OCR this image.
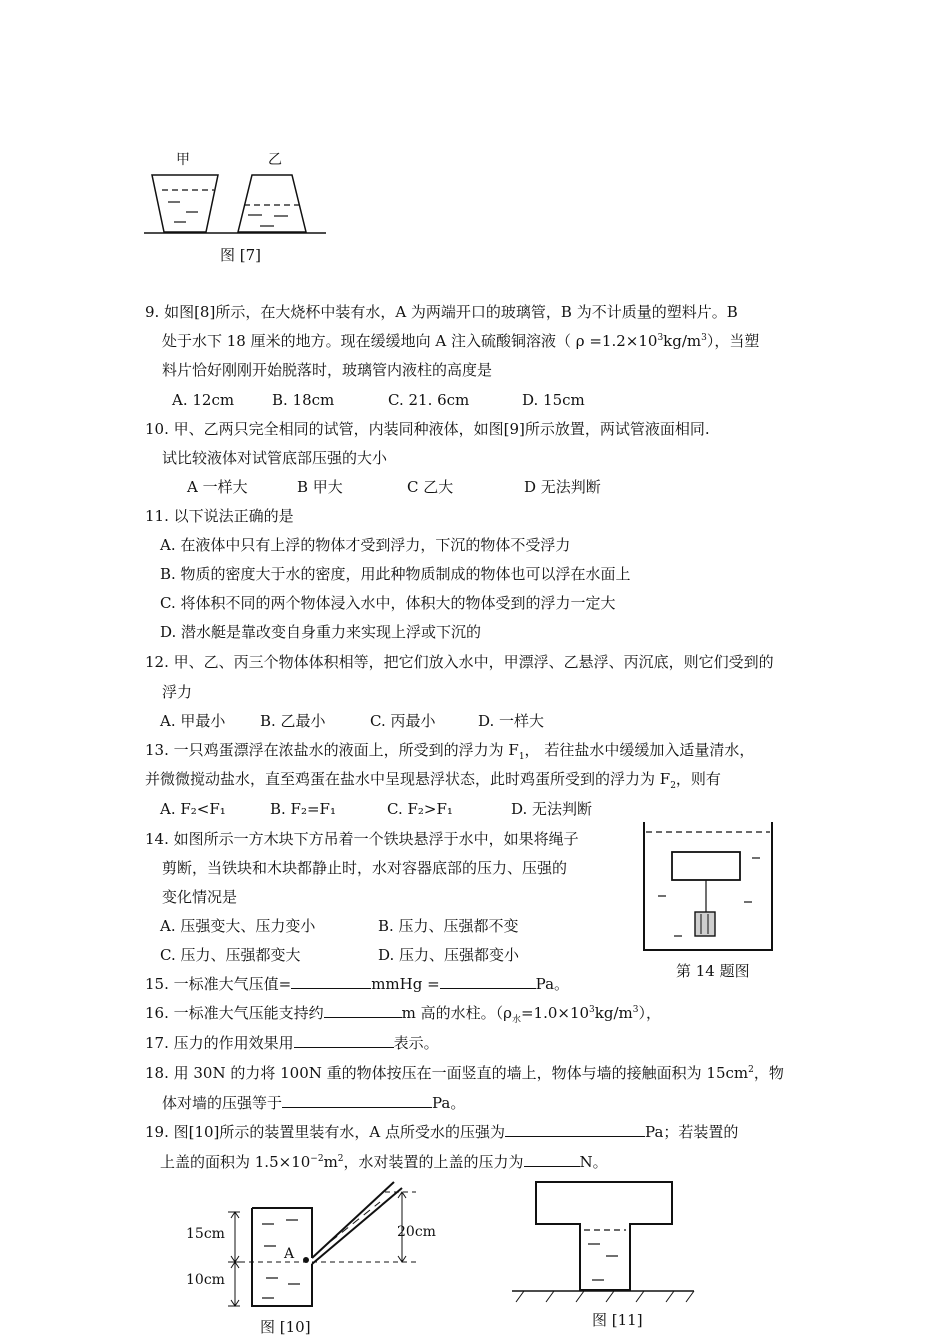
甲	乙
图 [7]
9. 如图[8]所示，在大烧杯中装有水，A 为两端开口的玻璃管，B 为不计质量的塑料片。B
处于水下 18 厘米的地方。现在缓缓地向 A 注入硫酸铜溶液（ $\rho =1.2\times 10^3kg/m^3$），当塑
料片恰好刚刚开始脱落时，玻璃管内液柱的高度是
A. 12cm	B. 18cm	C. 21. 6cm	D. 15cm
10. 甲、乙两只完全相同的试管，内装同种液体，如图[9]所示放置，两试管液面相同.
试比较液体对试管底部压强的大小
A 一样大	B 甲大	C 乙大	D 无法判断
11. 以下说法正确的是
A. 在液体中只有上浮的物体才受到浮力，下沉的物体不受浮力
B. 物质的密度大于水的密度，用此种物质制成的物体也可以浮在水面上
C. 将体积不同的两个物体浸入水中，体积大的物体受到的浮力一定大
D. 潜水艇是靠改变自身重力来实现上浮或下沉的
12. 甲、乙、丙三个物体体积相等，把它们放入水中，甲漂浮、乙悬浮、丙沉底，则它们受到的
浮力
A. 甲最小 B. 乙最小	C. 丙最小	D. 一样大
13. 一只鸡蛋漂浮在浓盐水的液面上，所受到的浮力为 $F_1$， 若往盐水中缓缓加入适量清水，
并微微搅动盐水，直至鸡蛋在盐水中呈现悬浮状态，此时鸡蛋所受到的浮力为 $F_2$，则有
A. F₂<F₁	B. F₂=F₁	C. F₂>F₁	D. 无法判断
14. 如图所示一方木块下方吊着一个铁块悬浮于水中，如果将绳子
剪断，当铁块和木块都静止时，水对容器底部的压力、压强的
变化情况是
A. 压强变大、压力变小	B. 压力、压强都不变
C. 压力、压强都变大	D. 压力、压强都变小
第 14 题图
15. 一标准大气压值=	mmHg =	Pa。
16. 一标准大气压能支持约	m 高的水柱。$(\rho_水=1.0\times 10^3kg/m^3)$，
17. 压力的作用效果用	表示。
18. 用 30N 的力将 100N 重的物体按压在一面竖直的墙上，物体与墙的接触面积为 $15cm^2$，物
体对墙的压强等于	Pa。
19. 图[10]所示的装置里装有水，A 点所受水的压强为	Pa；若装置的
上盖的面积为 $1.5\times 10^{-2}m^2$，水对装置的上盖的压力为	N。
15cm
10cm
20cm
A
图 [10]	图 [11]
